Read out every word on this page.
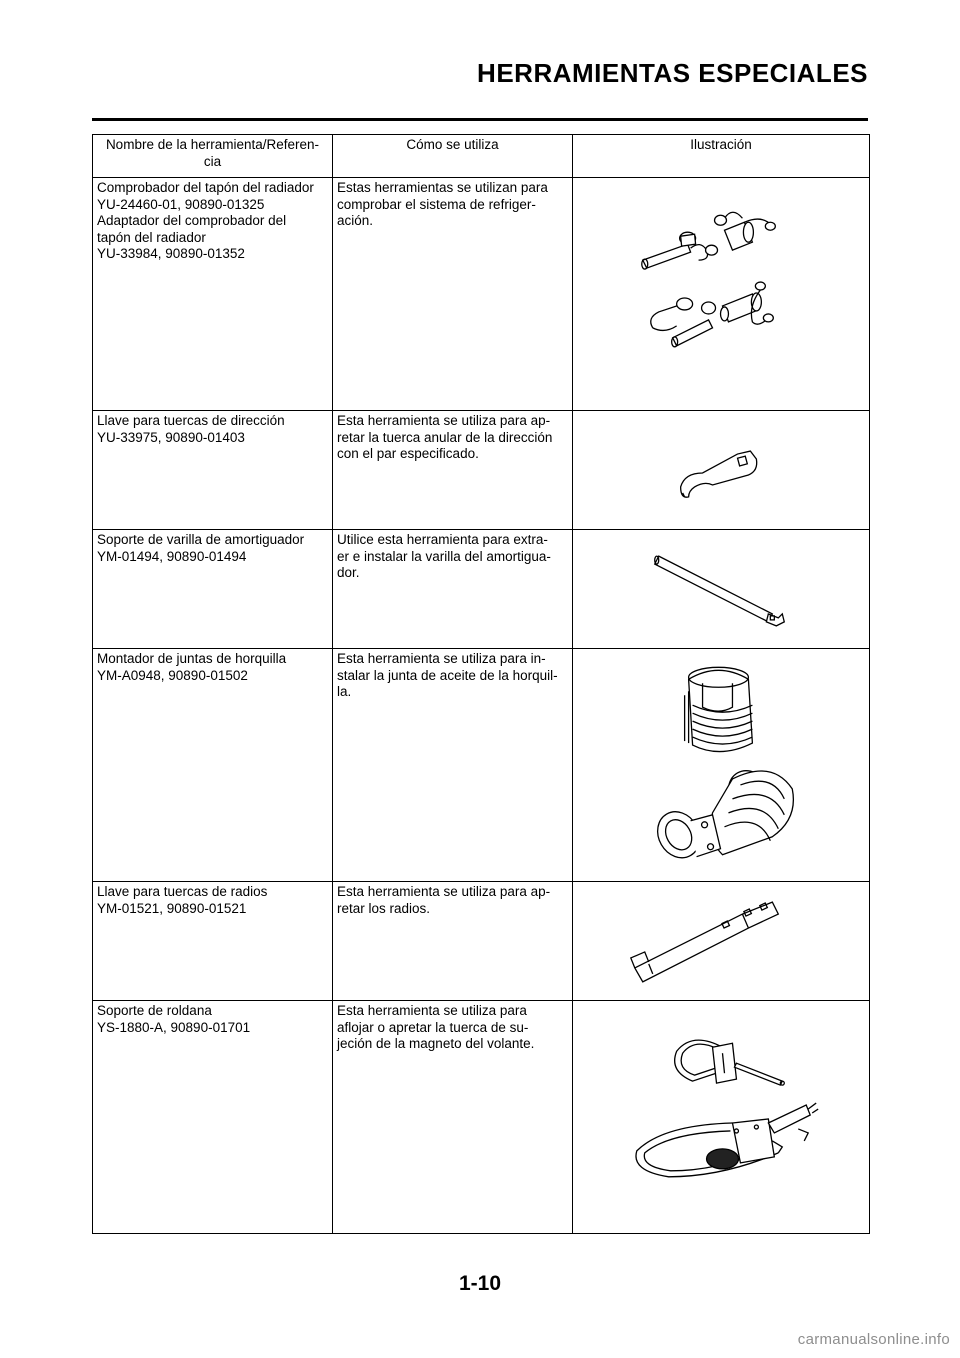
HERRAMIENTAS ESPECIALES
Nombre de la herramienta/Referen-
cia	Cómo se utiliza	Ilustración

Comprobador del tapón del radiador
YU-24460-01, 90890-01325
Adaptador del comprobador del
tapón del radiador
YU-33984, 90890-01352	Estas herramientas se utilizan para
comprobar el sistema de refriger-
ación.

Llave para tuercas de dirección
YU-33975, 90890-01403	Esta herramienta se utiliza para ap-
retar la tuerca anular de la dirección
con el par especificado.

Soporte de varilla de amortiguador
YM-01494, 90890-01494	Utilice esta herramienta para extra-
er e instalar la varilla del amortigua-
dor.

Montador de juntas de horquilla
YM-A0948, 90890-01502	Esta herramienta se utiliza para in-
stalar la junta de aceite de la horquil-
la.

Llave para tuercas de radios
YM-01521, 90890-01521	Esta herramienta se utiliza para ap-
retar los radios.

Soporte de roldana
YS-1880-A, 90890-01701	Esta herramienta se utiliza para
aflojar o apretar la tuerca de su-
jeción de la magneto del volante.

1-10
carmanualsonline.info
